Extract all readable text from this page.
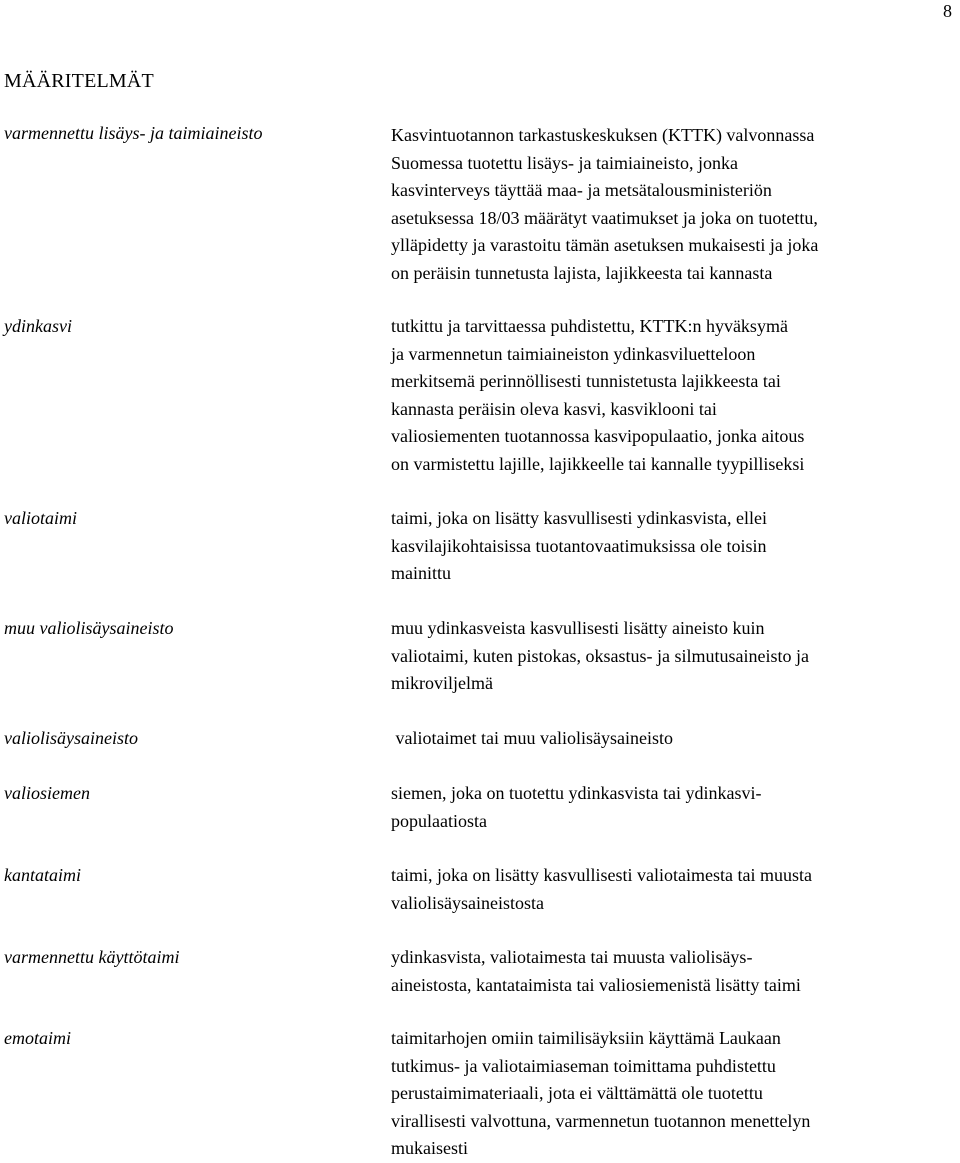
8
MÄÄRITELMÄT
varmennettu lisäys- ja taimiaineisto	Kasvintuotannon tarkastuskeskuksen (KTTK) valvonnassa
Suomessa tuotettu lisäys- ja taimiaineisto, jonka
kasvinterveys täyttää maa- ja metsätalousministeriön
asetuksessa 18/03 määrätyt vaatimukset ja joka on tuotettu,
ylläpidetty ja varastoitu tämän asetuksen mukaisesti ja joka
on peräisin tunnetusta lajista, lajikkeesta tai kannasta
ydinkasvi	tutkittu ja tarvittaessa puhdistettu, KTTK:n hyväksymä
ja varmennetun taimiaineiston ydinkasviluetteloon
merkitsemä perinnöllisesti tunnistetusta lajikkeesta tai
kannasta peräisin oleva kasvi, kasviklooni tai
valiosiementen tuotannossa kasvipopulaatio, jonka aitous
on varmistettu lajille, lajikkeelle tai kannalle tyypilliseksi
valiotaimi	taimi, joka on lisätty kasvullisesti ydinkasvista, ellei
kasvilajikohtaisissa tuotantovaatimuksissa ole toisin
mainittu
muu valiolisäysaineisto	muu ydinkasveista kasvullisesti lisätty aineisto kuin
valiotaimi, kuten pistokas, oksastus- ja silmutusaineisto ja
mikroviljelmä
valiolisäysaineisto	valiotaimet tai muu valiolisäysaineisto
valiosiemen	siemen, joka on tuotettu ydinkasvista tai ydinkasvi-
populaatiosta
kantataimi	taimi, joka on lisätty kasvullisesti valiotaimesta tai muusta
valiolisäysaineistosta
varmennettu käyttötaimi	ydinkasvista, valiotaimesta tai muusta valiolisäys-
aineistosta, kantataimista tai valiosiemenistä lisätty taimi
emotaimi	taimitarhojen omiin taimilisäyksiin käyttämä Laukaan
tutkimus- ja valiotaimiaseman toimittama puhdistettu
perustaimimateriaali, jota ei välttämättä ole tuotettu
virallisesti valvottuna, varmennetun tuotannon menettelyn
mukaisesti
